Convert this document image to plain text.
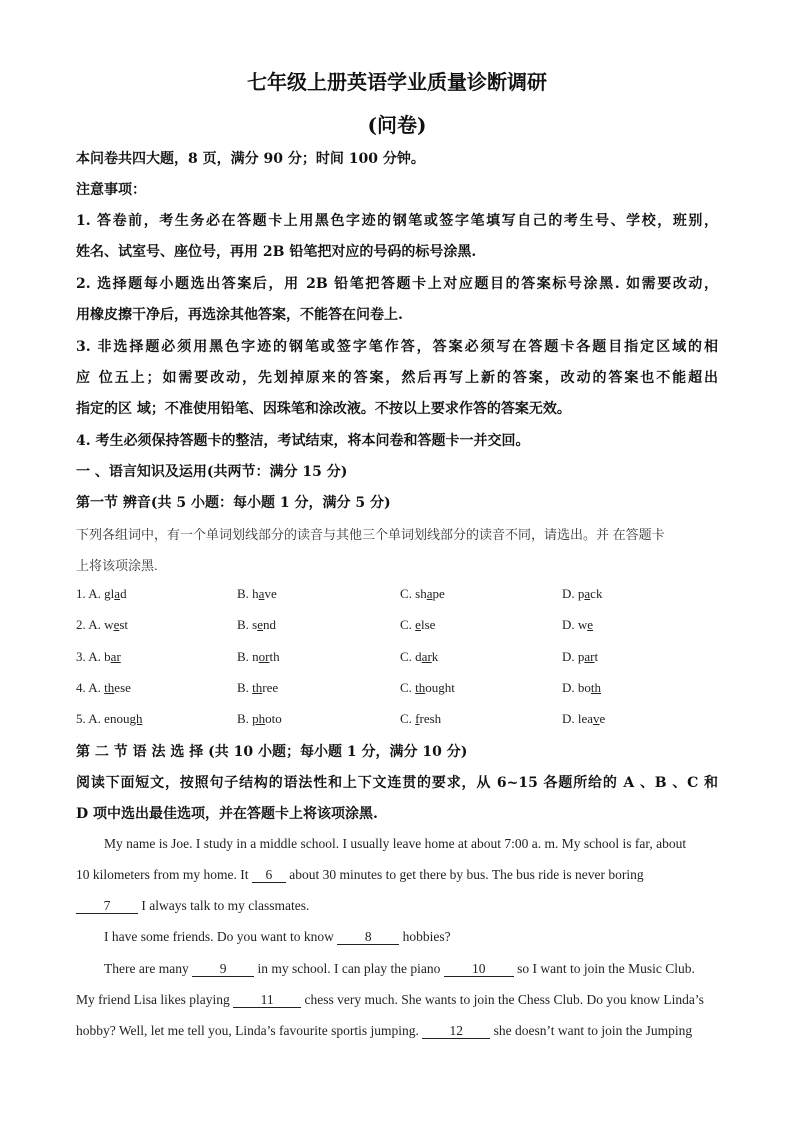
七年级上册英语学业质量诊断调研
(问卷)
本问卷共四大题，8 页，满分 90 分；时间 100 分钟。
注意事项：
1. 答卷前，考生务必在答题卡上用黑色字迹的钢笔或签字笔填写自己的考生号、学校，班别，
姓名、试室号、座位号，再用 2B 铅笔把对应的号码的标号涂黑.
2. 选择题每小题选出答案后，用 2B 铅笔把答题卡上对应题目的答案标号涂黑. 如需要改动，
用橡皮擦干净后，再选涂其他答案，不能答在问卷上.
3. 非选择题必须用黑色字迹的钢笔或签字笔作答，答案必须写在答题卡各题目指定区域的相
应 位五上；如需要改动，先划掉原来的答案，然后再写上新的答案，改动的答案也不能超出
指定的区 域；不准使用铅笔、因珠笔和涂改液。不按以上要求作答的答案无效。
4. 考生必须保持答题卡的整洁，考试结束，将本问卷和答题卡一并交回。
一 、语言知识及运用(共两节：满分 15 分)
第一节 辨音(共 5 小题：每小题 1 分，满分 5 分)
下列各组词中，有一个单词划线部分的读音与其他三个单词划线部分的读音不同，请选出。并 在答题卡
上将该项涂黑.
1. A. glad	B. have	C. shape	D. pack
2. A. west	B. send	C. else	D. we
3. A. bar	B. north	C. dark	D. part
4. A. these	B. three	C. thought	D. both
5. A. enough	B. photo	C. fresh	D. leave
第 二 节 语 法 选 择 (共 10 小题；每小题 1 分，满分 10 分)
阅读下面短文，按照句子结构的语法性和上下文连贯的要求，从 6~15 各题所给的 A 、B 、C 和
D 项中选出最佳选项，并在答题卡上将该项涂黑.
My name is Joe. I study in a middle school. I usually leave home at about 7:00 a. m. My school is far, about
10 kilometers from my home. It 6 about 30 minutes to get there by bus. The bus ride is never boring
7 I always talk to my classmates.
I have some friends. Do you want to know 8 hobbies?
There are many 9 in my school. I can play the piano 10 so I want to join the Music Club.
My friend Lisa likes playing 11 chess very much. She wants to join the Chess Club. Do you know Linda’s
hobby? Well, let me tell you, Linda’s favourite sportis jumping. 12 she doesn’t want to join the Jumping
